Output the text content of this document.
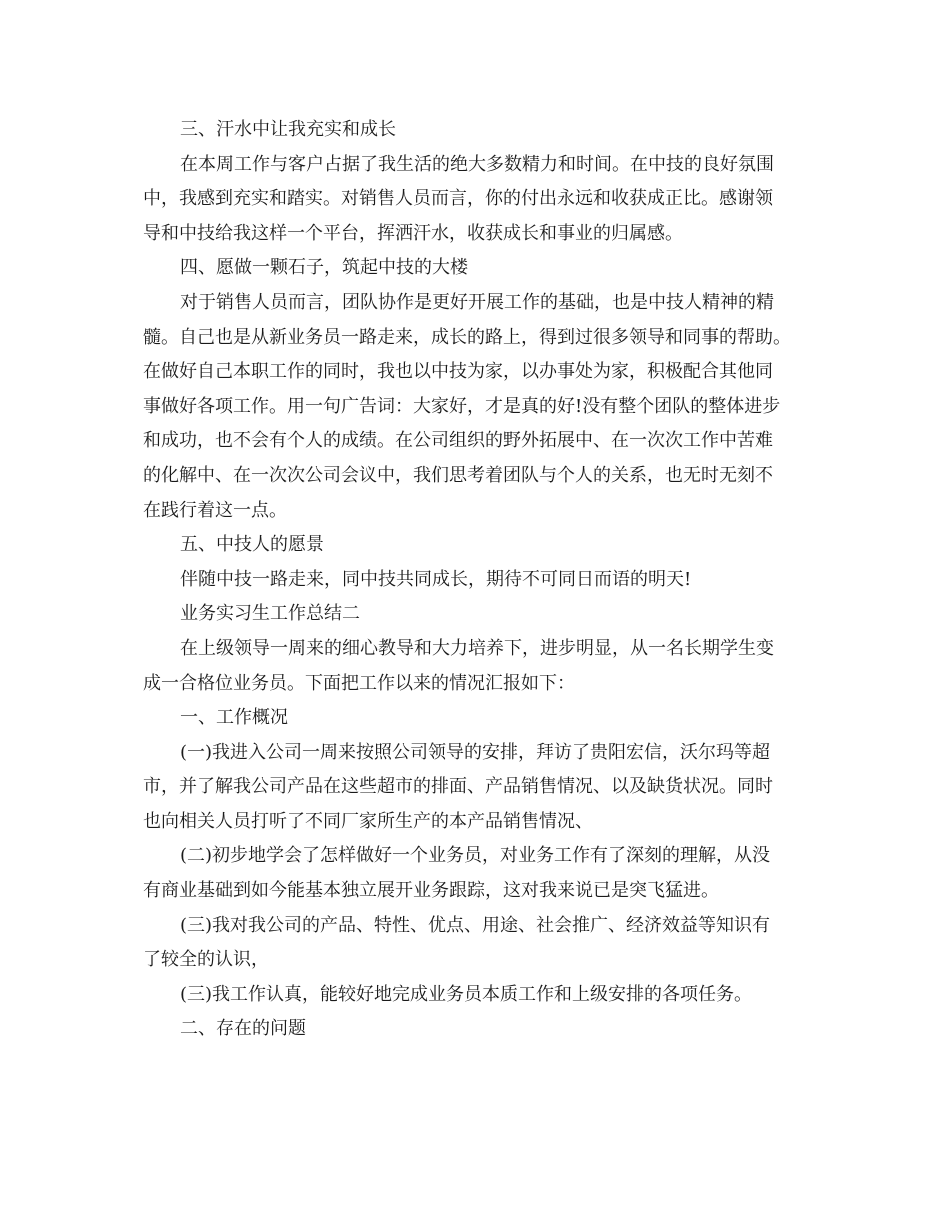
三、汗水中让我充实和成长

在本周工作与客户占据了我生活的绝大多数精力和时间。在中技的良好氛围

中，我感到充实和踏实。对销售人员而言，你的付出永远和收获成正比。感谢领

导和中技给我这样一个平台，挥洒汗水，收获成长和事业的归属感。

四、愿做一颗石子，筑起中技的大楼

对于销售人员而言，团队协作是更好开展工作的基础，也是中技人精神的精

髓。自己也是从新业务员一路走来，成长的路上，得到过很多领导和同事的帮助。

在做好自己本职工作的同时，我也以中技为家，以办事处为家，积极配合其他同

事做好各项工作。用一句广告词：大家好，才是真的好!没有整个团队的整体进步

和成功，也不会有个人的成绩。在公司组织的野外拓展中、在一次次工作中苦难

的化解中、在一次次公司会议中，我们思考着团队与个人的关系，也无时无刻不

在践行着这一点。

五、中技人的愿景

伴随中技一路走来，同中技共同成长，期待不可同日而语的明天!

业务实习生工作总结二

在上级领导一周来的细心教导和大力培养下，进步明显，从一名长期学生变

成一合格位业务员。下面把工作以来的情况汇报如下：

一、工作概况

(一)我进入公司一周来按照公司领导的安排，拜访了贵阳宏信，沃尔玛等超

市，并了解我公司产品在这些超市的排面、产品销售情况、以及缺货状况。同时

也向相关人员打听了不同厂家所生产的本产品销售情况、

(二)初步地学会了怎样做好一个业务员，对业务工作有了深刻的理解，从没

有商业基础到如今能基本独立展开业务跟踪，这对我来说已是突飞猛进。

(三)我对我公司的产品、特性、优点、用途、社会推广、经济效益等知识有

了较全的认识，

(三)我工作认真，能较好地完成业务员本质工作和上级安排的各项任务。

二、存在的问题
